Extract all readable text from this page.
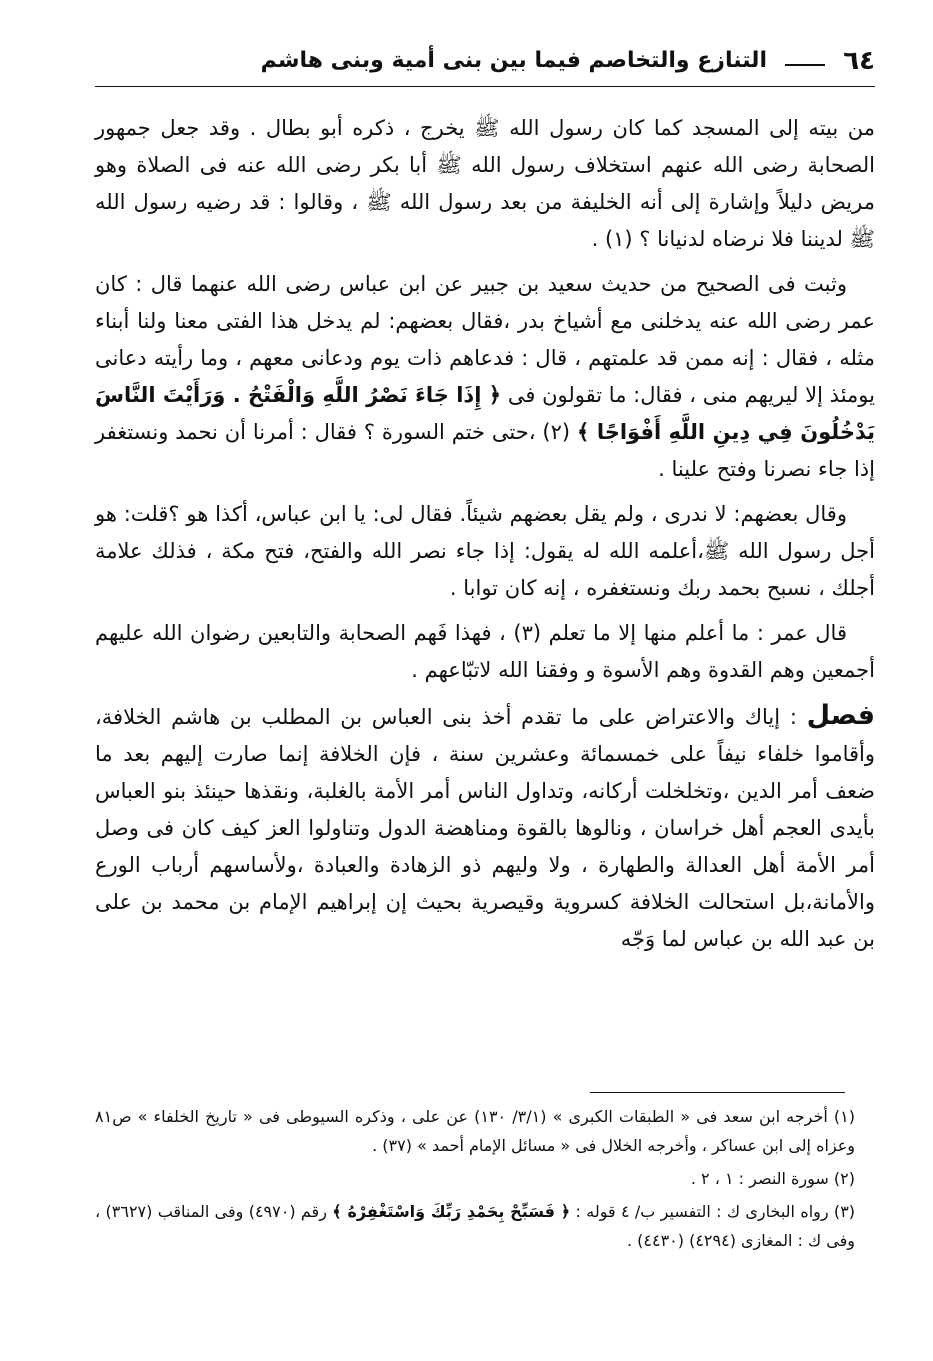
٦٤
التنازع والتخاصم فيما بين بنى أمية وبنى هاشم

من بيته إلى المسجد كما كان رسول الله ﷺ يخرج ، ذكره أبو بطال . وقد جعل جمهور الصحابة رضى الله عنهم استخلاف رسول الله ﷺ أبا بكر رضى الله عنه فى الصلاة وهو مريض دليلاً وإشارة إلى أنه الخليفة من بعد رسول الله ﷺ ، وقالوا : قد رضيه رسول الله ﷺ لديننا فلا نرضاه لدنيانا ؟ (١) .

وثبت فى الصحيح من حديث سعيد بن جبير عن ابن عباس رضى الله عنهما قال : كان عمر رضى الله عنه يدخلنى مع أشياخ بدر ،فقال بعضهم: لم يدخل هذا الفتى معنا ولنا أبناء مثله ، فقال : إنه ممن قد علمتهم ، قال : فدعاهم ذات يوم ودعانى معهم ، وما رأيته دعانى يومئذ إلا ليريهم منى ، فقال: ما تقولون فى ﴿ إِذَا جَاءَ نَصْرُ اللَّهِ وَالْفَتْحُ . وَرَأَيْتَ النَّاسَ يَدْخُلُونَ فِي دِينِ اللَّهِ أَفْوَاجًا ﴾ (٢) ،حتى ختم السورة ؟ فقال : أمرنا أن نحمد ونستغفر إذا جاء نصرنا وفتح علينا .

وقال بعضهم: لا ندرى ، ولم يقل بعضهم شيئاً. فقال لى: يا ابن عباس، أكذا هو ؟قلت: هو أجل رسول الله ﷺ،أعلمه الله له يقول: إذا جاء نصر الله والفتح، فتح مكة ، فذلك علامة أجلك ، نسبح بحمد ربك ونستغفره ، إنه كان توابا .

قال عمر : ما أعلم منها إلا ما تعلم (٣) ، فهذا فَهم الصحابة والتابعين رضوان الله عليهم أجمعين وهم القدوة وهم الأسوة و وفقنا الله لاتبّاعهم .

فصل : إياك والاعتراض على ما تقدم أخذ بنى العباس بن المطلب بن هاشم الخلافة، وأقاموا خلفاء نيفاً على خمسمائة وعشرين سنة ، فإن الخلافة إنما صارت إليهم بعد ما ضعف أمر الدين ،وتخلخلت أركانه، وتداول الناس أمر الأمة بالغلبة، ونقذها حينئذ بنو العباس بأيدى العجم أهل خراسان ، ونالوها بالقوة ومناهضة الدول وتناولوا العز كيف كان فى وصل أمر الأمة أهل العدالة والطهارة ، ولا وليهم ذو الزهادة والعبادة ،ولأساسهم أرباب الورع والأمانة،بل استحالت الخلافة كسروية وقيصرية بحيث إن إبراهيم الإمام بن محمد بن على بن عبد الله بن عباس لما وَجّه

(١) أخرجه ابن سعد فى « الطبقات الكبرى » (٣/١/ ١٣٠) عن على ، وذكره السيوطى فى « تاريخ الخلفاء » ص٨١ وعزاه إلى ابن عساكر ، وأخرجه الخلال فى « مسائل الإمام أحمد » (٣٧) .

(٢) سورة النصر : ١ ، ٢ .

(٣) رواه البخارى ك : التفسير ب/ ٤ قوله : ﴿ فَسَبِّحْ بِحَمْدِ رَبِّكَ وَاسْتَغْفِرْهُ ﴾ رقم (٤٩٧٠) وفى المناقب (٣٦٢٧) ، وفى ك : المغازى (٤٢٩٤) (٤٤٣٠) .
